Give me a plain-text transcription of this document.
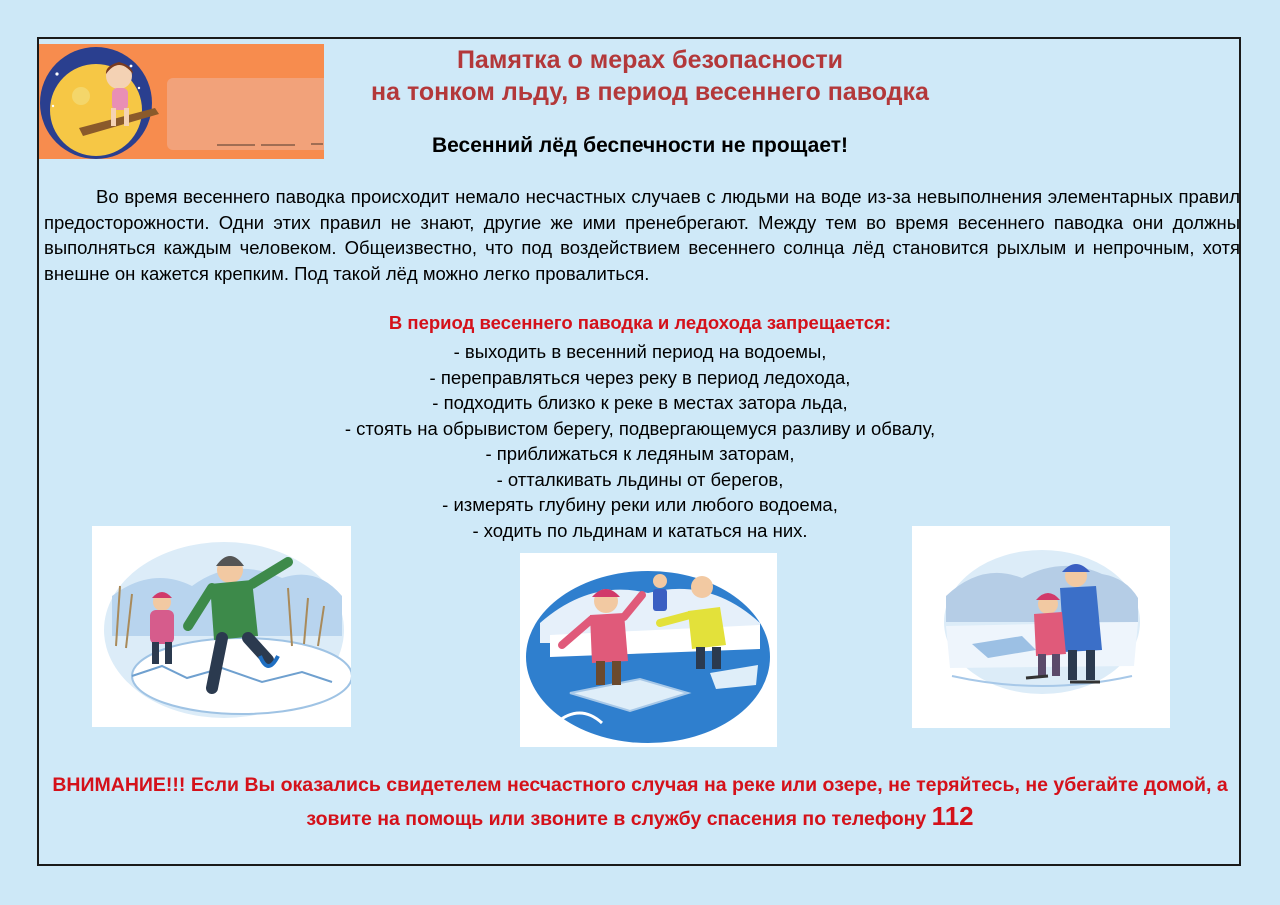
Памятка о мерах безопасности
на тонком льду, в период весеннего паводка
Весенний лёд беспечности не прощает!

Во время весеннего паводка происходит немало несчастных случаев с людьми на воде из-за невыполнения элементарных правил предосторожности. Одни этих правил не знают, другие же ими пренебрегают. Между тем во время весеннего паводка они должны выполняться каждым человеком. Общеизвестно, что под воздействием весеннего солнца лёд становится рыхлым и непрочным, хотя внешне он кажется крепким. Под такой лёд можно легко провалиться.

В период весеннего паводка и ледохода запрещается:
- выходить в весенний период на водоемы,
- переправляться через реку в период ледохода,
- подходить близко к реке в местах затора льда,
- стоять на обрывистом берегу, подвергающемуся разливу и обвалу,
- приближаться к ледяным заторам,
- отталкивать льдины от берегов,
- измерять глубину реки или любого водоема,
- ходить по льдинам и кататься на них.
ВНИМАНИЕ!!! Если Вы оказались свидетелем несчастного случая на реке или озере, не теряйтесь, не убегайте домой, а зовите на помощь или звоните в службу спасения по телефону 112
